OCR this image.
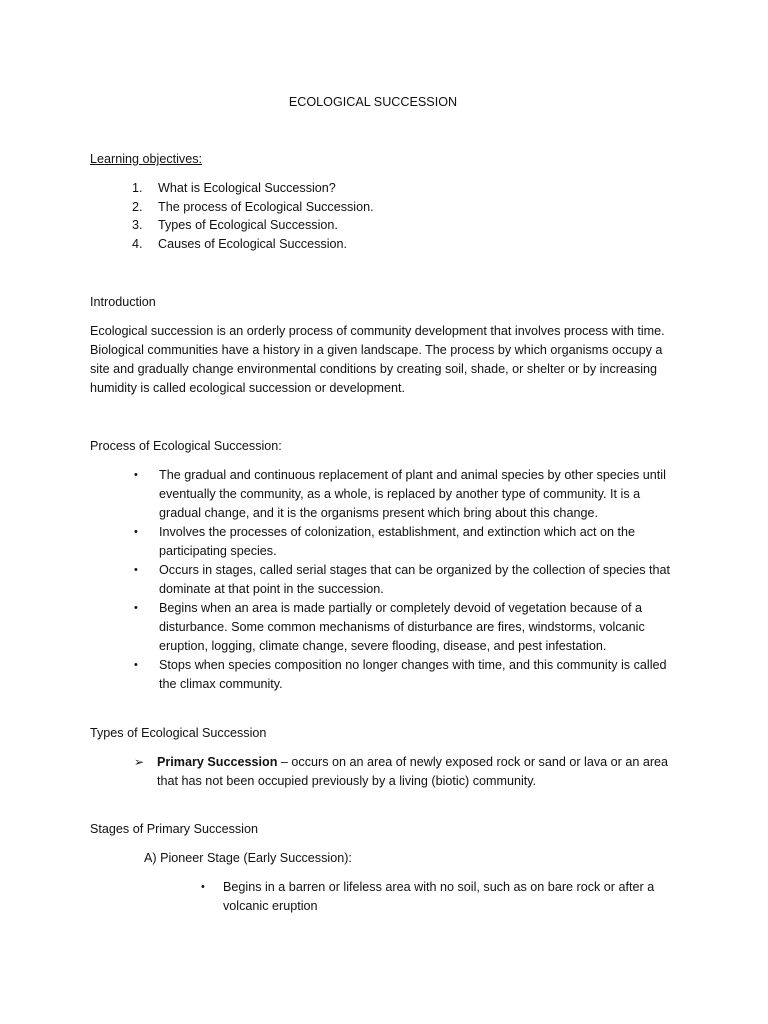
ECOLOGICAL SUCCESSION
Learning objectives:
1.	What is Ecological Succession?
2.	The process of Ecological Succession.
3.	Types of Ecological Succession.
4.	Causes of Ecological Succession.
Introduction

Ecological succession is an orderly process of community development that involves process with time.
Biological communities have a history in a given landscape. The process by which organisms occupy a
site and gradually change environmental conditions by creating soil, shade, or shelter or by increasing
humidity is called ecological succession or development.

Process of Ecological Succession:
•	The gradual and continuous replacement of plant and animal species by other species until
eventually the community, as a whole, is replaced by another type of community. It is a
gradual change, and it is the organisms present which bring about this change.
•	Involves the processes of colonization, establishment, and extinction which act on the
participating species.
•	Occurs in stages, called serial stages that can be organized by the collection of species that
dominate at that point in the succession.
•	Begins when an area is made partially or completely devoid of vegetation because of a
disturbance. Some common mechanisms of disturbance are fires, windstorms, volcanic
eruption, logging, climate change, severe flooding, disease, and pest infestation.
•	Stops when species composition no longer changes with time, and this community is called
the climax community.
Types of Ecological Succession
➢	Primary Succession – occurs on an area of newly exposed rock or sand or lava or an area
that has not been occupied previously by a living (biotic) community.
Stages of Primary Succession
A) Pioneer Stage (Early Succession):
•	Begins in a barren or lifeless area with no soil, such as on bare rock or after a
volcanic eruption
